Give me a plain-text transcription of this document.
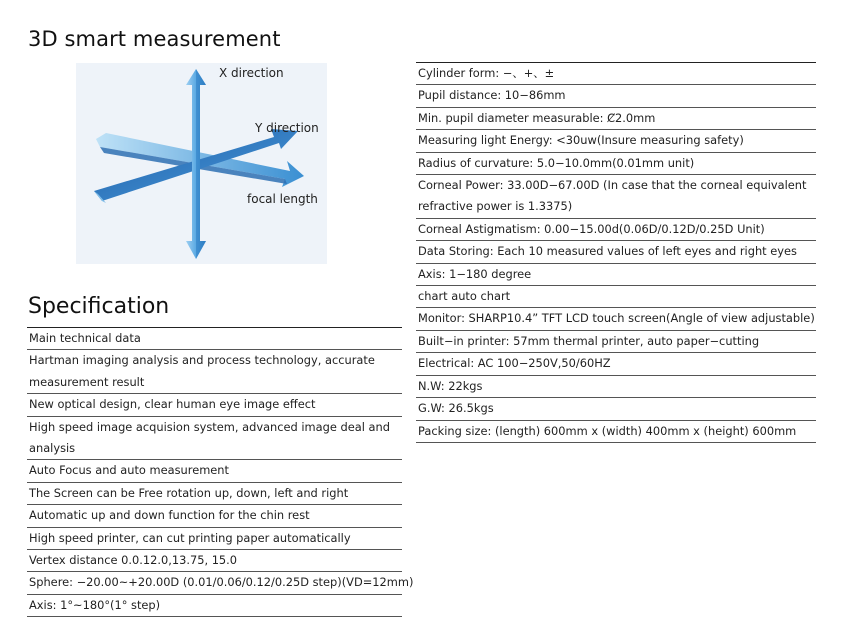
3D smart measurement
X direction
Y direction
focal length
Specification
Main technical data
Hartman imaging analysis and process technology, accurate measurement result
New optical design, clear human eye image effect
High speed image acquision system, advanced image deal and analysis
Auto Focus and auto measurement
The Screen can be Free rotation up, down, left and right
Automatic up and down function for the chin rest
High speed printer, can cut printing paper automatically
Vertex distance 0.0.12.0,13.75, 15.0
Sphere: −20.00~+20.00D (0.01/0.06/0.12/0.25D step)(VD=12mm)
Axis: 1°~180°(1° step)
Cylinder form: −、+、±
Pupil distance: 10−86mm
Min. pupil diameter measurable: Ȼ2.0mm
Measuring light Energy: <30uw(Insure measuring safety)
Radius of curvature: 5.0−10.0mm(0.01mm unit)
Corneal Power: 33.00D−67.00D (In case that the corneal equivalent refractive power is 1.3375)
Corneal Astigmatism: 0.00−15.00d(0.06D/0.12D/0.25D Unit)
Data Storing: Each 10 measured values of left eyes and right eyes
Axis: 1−180 degree
chart auto chart
Monitor: SHARP10.4” TFT LCD touch screen(Angle of view adjustable)
Built−in printer: 57mm thermal printer, auto paper−cutting
Electrical: AC 100−250V,50/60HZ
N.W: 22kgs
G.W: 26.5kgs
Packing size: (length) 600mm x (width) 400mm x (height) 600mm
